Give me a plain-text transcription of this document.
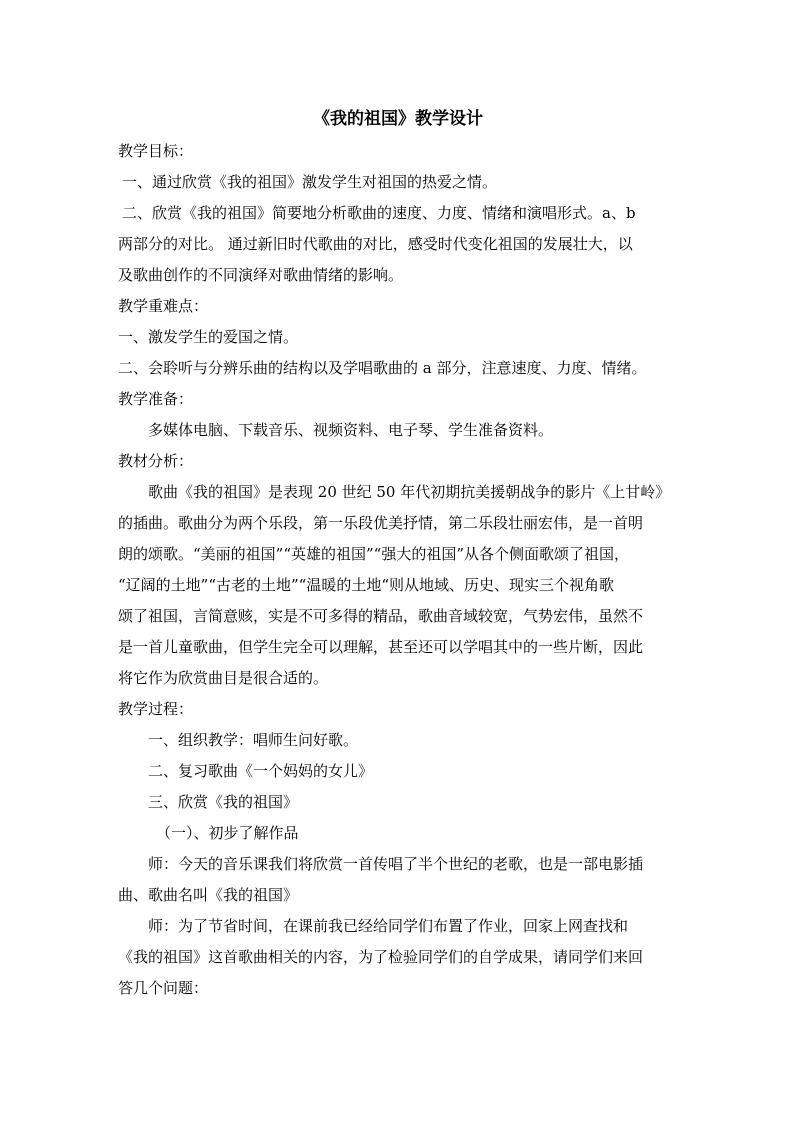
《我的祖国》教学设计
教学目标：
一、通过欣赏《我的祖国》激发学生对祖国的热爱之情。
二、欣赏《我的祖国》简要地分析歌曲的速度、力度、情绪和演唱形式。a、b
两部分的对比。 通过新旧时代歌曲的对比，感受时代变化祖国的发展壮大，以
及歌曲创作的不同演绎对歌曲情绪的影响。
教学重难点：
一、激发学生的爱国之情。
二、会聆听与分辨乐曲的结构以及学唱歌曲的 a 部分，注意速度、力度、情绪。
教学准备：
多媒体电脑、下载音乐、视频资料、电子琴、学生准备资料。
教材分析：
歌曲《我的祖国》是表现 20 世纪 50 年代初期抗美援朝战争的影片《上甘岭》
的插曲。歌曲分为两个乐段，第一乐段优美抒情，第二乐段壮丽宏伟，是一首明
朗的颂歌。“美丽的祖国”“英雄的祖国”“强大的祖国”从各个侧面歌颂了祖国，
“辽阔的土地”“古老的土地”“温暖的土地“则从地域、历史、现实三个视角歌
颂了祖国，言简意赅，实是不可多得的精品，歌曲音域较宽，气势宏伟，虽然不
是一首儿童歌曲，但学生完全可以理解，甚至还可以学唱其中的一些片断，因此
将它作为欣赏曲目是很合适的。
教学过程：
一、组织教学：唱师生问好歌。
二、复习歌曲《一个妈妈的女儿》
三、欣赏《我的祖国》
（一）、初步了解作品
师：今天的音乐课我们将欣赏一首传唱了半个世纪的老歌，也是一部电影插
曲、歌曲名叫《我的祖国》
师：为了节省时间，在课前我已经给同学们布置了作业，回家上网查找和
《我的祖国》这首歌曲相关的内容，为了检验同学们的自学成果，请同学们来回
答几个问题：
